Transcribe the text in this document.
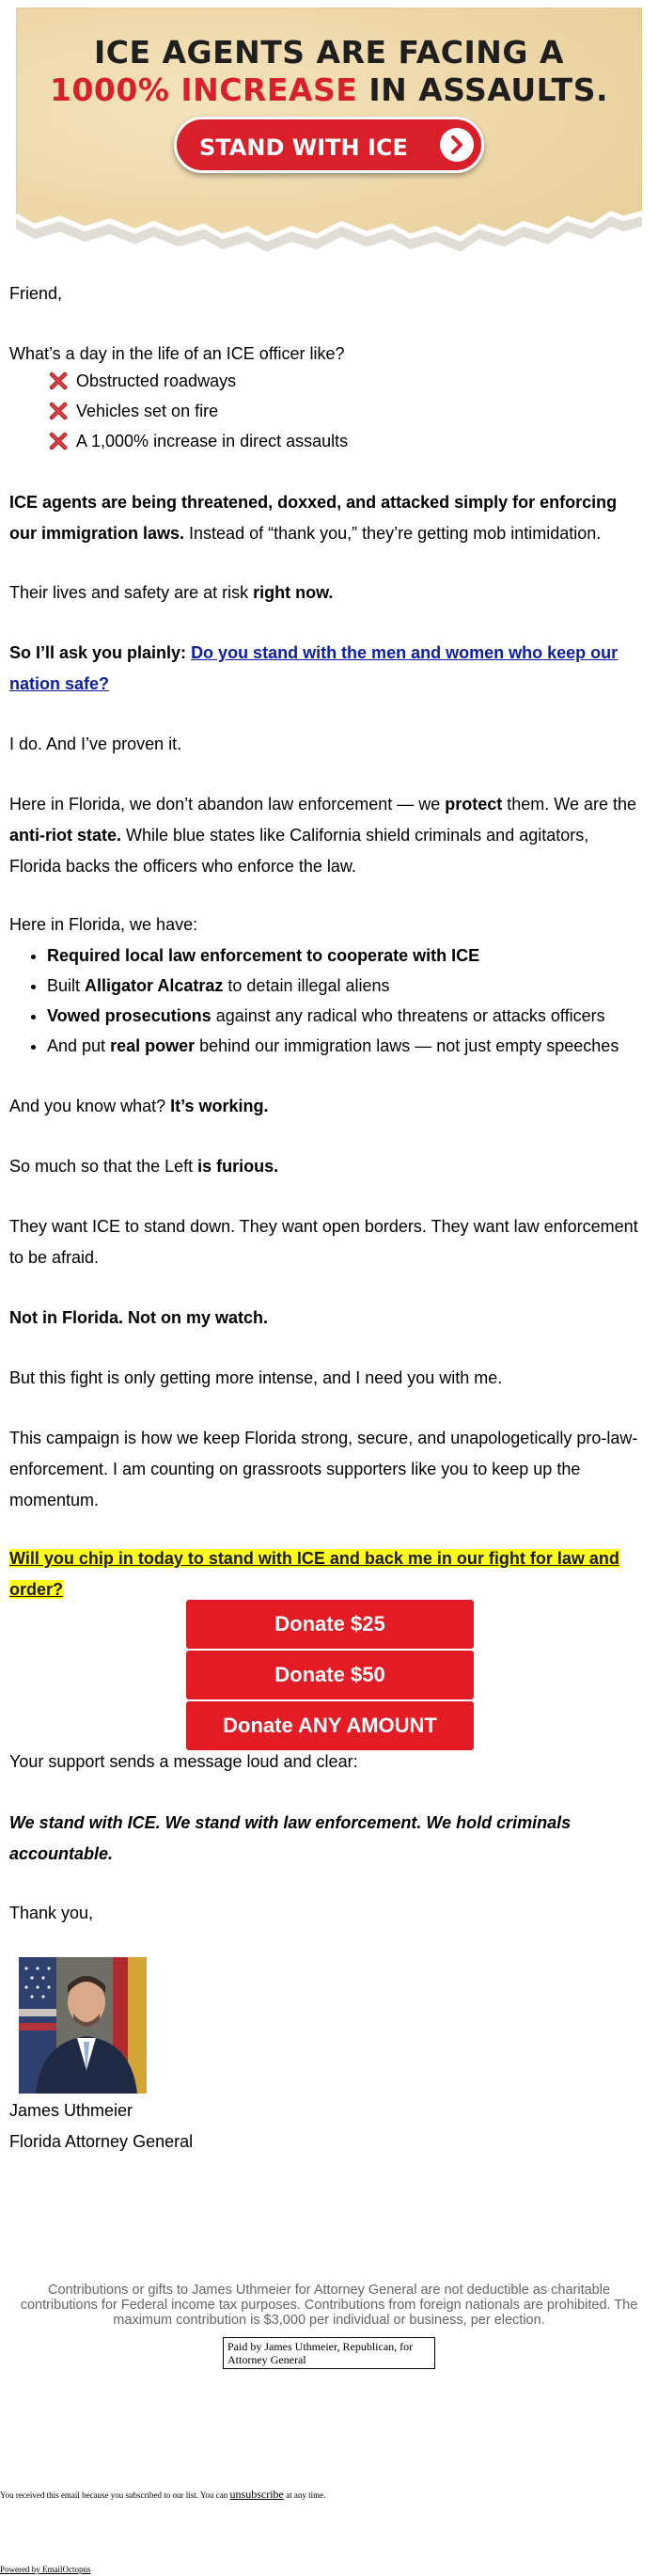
ICE AGENTS ARE FACING A
1000% INCREASE IN ASSAULTS.
STAND WITH ICE

Friend,

What’s a day in the life of an ICE officer like?

Obstructed roadways
Vehicles set on fire
A 1,000% increase in direct assaults

ICE agents are being threatened, doxxed, and attacked simply for enforcing our immigration laws. Instead of “thank you,” they’re getting mob intimidation.

Their lives and safety are at risk right now.

So I’ll ask you plainly: Do you stand with the men and women who keep our nation safe?

I do. And I’ve proven it.

Here in Florida, we don’t abandon law enforcement — we protect them. We are the anti-riot state. While blue states like California shield criminals and agitators, Florida backs the officers who enforce the law.

Here in Florida, we have:

• Required local law enforcement to cooperate with ICE
• Built Alligator Alcatraz to detain illegal aliens
• Vowed prosecutions against any radical who threatens or attacks officers
• And put real power behind our immigration laws — not just empty speeches

And you know what? It’s working.

So much so that the Left is furious.

They want ICE to stand down. They want open borders. They want law enforcement to be afraid.

Not in Florida. Not on my watch.

But this fight is only getting more intense, and I need you with me.

This campaign is how we keep Florida strong, secure, and unapologetically pro-law-enforcement. I am counting on grassroots supporters like you to keep up the momentum.

Will you chip in today to stand with ICE and back me in our fight for law and order?

Donate $25
Donate $50
Donate ANY AMOUNT

Your support sends a message loud and clear:

We stand with ICE. We stand with law enforcement. We hold criminals accountable.

Thank you,

James Uthmeier

Florida Attorney General

Contributions or gifts to James Uthmeier for Attorney General are not deductible as charitable contributions for Federal income tax purposes. Contributions from foreign nationals are prohibited. The maximum contribution is $3,000 per individual or business, per election.
Paid by James Uthmeier, Republican, for Attorney General
You received this email because you subscribed to our list. You can unsubscribe at any time.
Powered by EmailOctopus
